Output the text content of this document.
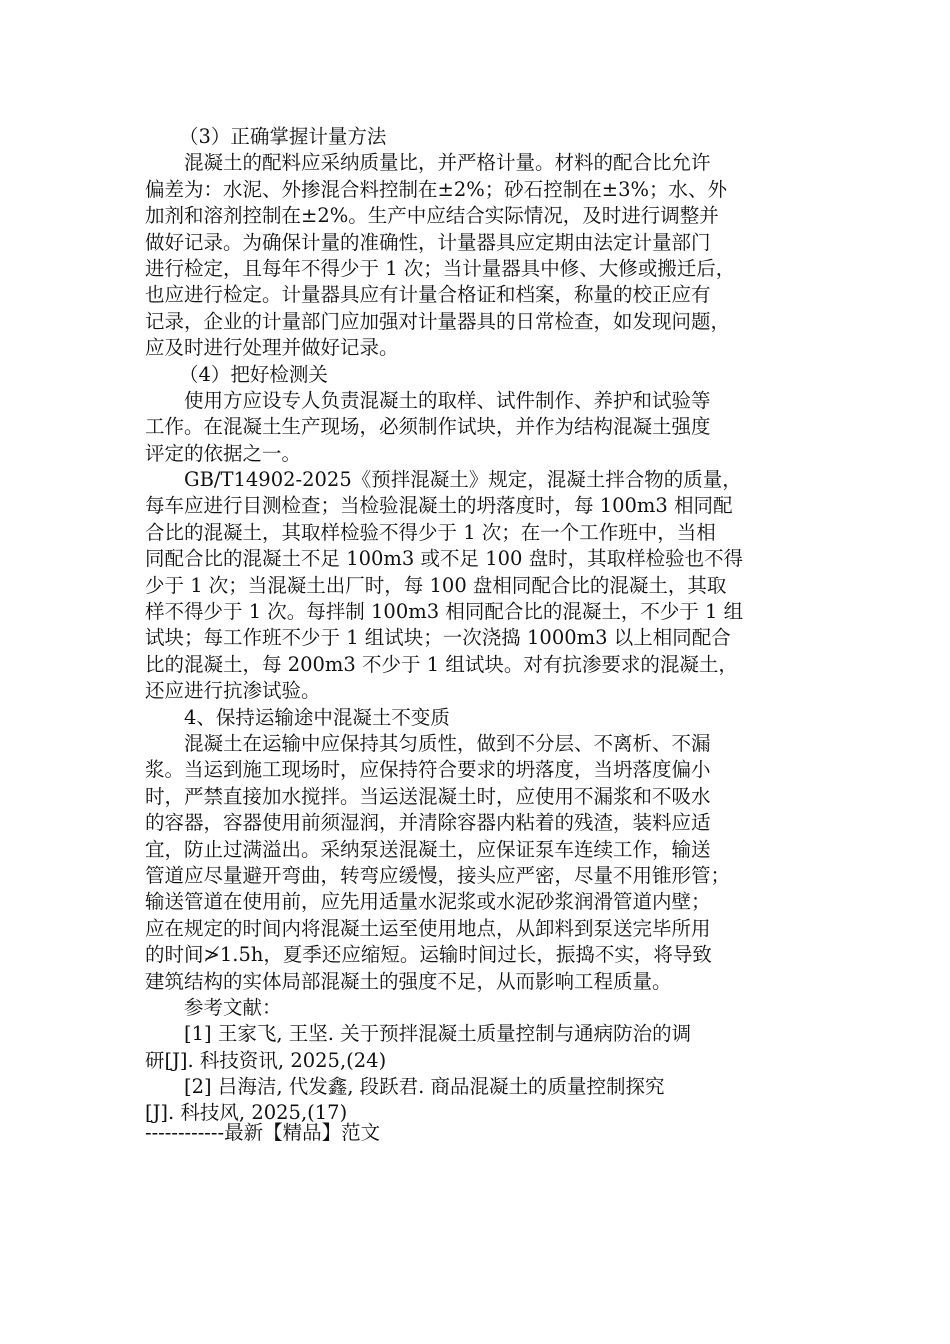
（3）正确掌握计量方法
混凝土的配料应采纳质量比，并严格计量。材料的配合比允许
偏差为：水泥、外掺混合料控制在±2%；砂石控制在±3%；水、外
加剂和溶剂控制在±2%。生产中应结合实际情况，及时进行调整并
做好记录。为确保计量的准确性，计量器具应定期由法定计量部门
进行检定，且每年不得少于 1 次；当计量器具中修、大修或搬迁后，
也应进行检定。计量器具应有计量合格证和档案，称量的校正应有
记录，企业的计量部门应加强对计量器具的日常检查，如发现问题，
应及时进行处理并做好记录。
（4）把好检测关
使用方应设专人负责混凝土的取样、试件制作、养护和试验等
工作。在混凝土生产现场，必须制作试块，并作为结构混凝土强度
评定的依据之一。
GB/T14902-2025《预拌混凝土》规定，混凝土拌合物的质量，
每车应进行目测检查；当检验混凝土的坍落度时，每 100m3 相同配
合比的混凝土，其取样检验不得少于 1 次；在一个工作班中，当相
同配合比的混凝土不足 100m3 或不足 100 盘时，其取样检验也不得
少于 1 次；当混凝土出厂时，每 100 盘相同配合比的混凝土，其取
样不得少于 1 次。每拌制 100m3 相同配合比的混凝土，不少于 1 组
试块；每工作班不少于 1 组试块；一次浇捣 1000m3 以上相同配合
比的混凝土，每 200m3 不少于 1 组试块。对有抗渗要求的混凝土，
还应进行抗渗试验。
4、保持运输途中混凝土不变质
混凝土在运输中应保持其匀质性，做到不分层、不离析、不漏
浆。当运到施工现场时，应保持符合要求的坍落度，当坍落度偏小
时，严禁直接加水搅拌。当运送混凝土时，应使用不漏浆和不吸水
的容器，容器使用前须湿润，并清除容器内粘着的残渣，装料应适
宜，防止过满溢出。采纳泵送混凝土，应保证泵车连续工作，输送
管道应尽量避开弯曲，转弯应缓慢，接头应严密，尽量不用锥形管；
输送管道在使用前，应先用适量水泥浆或水泥砂浆润滑管道内壁；
应在规定的时间内将混凝土运至使用地点，从卸料到泵送完毕所用
的时间≯1.5h，夏季还应缩短。运输时间过长，振捣不实，将导致
建筑结构的实体局部混凝土的强度不足，从而影响工程质量。
参考文献：
[1] 王家飞, 王坚. 关于预拌混凝土质量控制与通病防治的调
研[J]. 科技资讯, 2025,(24)
[2] 吕海洁, 代发鑫, 段跃君. 商品混凝土的质量控制探究
[J]. 科技风, 2025,(17)
------------最新【精品】范文
